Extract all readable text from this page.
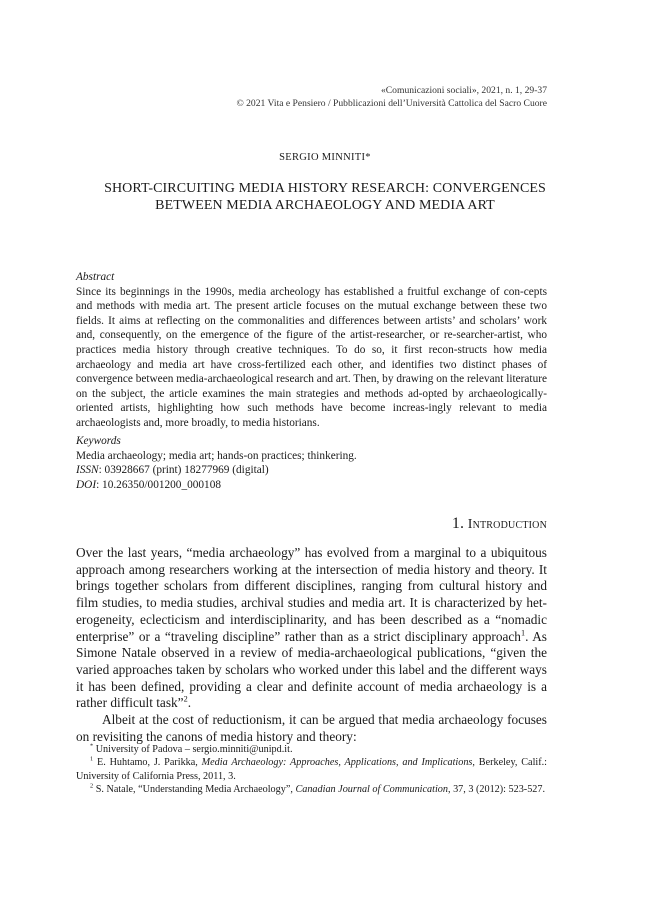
«Comunicazioni sociali», 2021, n. 1, 29-37
© 2021 Vita e Pensiero / Pubblicazioni dell’Università Cattolica del Sacro Cuore
SERGIO MINNITI*
SHORT-CIRCUITING MEDIA HISTORY RESEARCH: CONVERGENCES
BETWEEN MEDIA ARCHAEOLOGY AND MEDIA ART
Abstract
Since its beginnings in the 1990s, media archeology has established a fruitful exchange of con-cepts and methods with media art. The present article focuses on the mutual exchange between these two fields. It aims at reflecting on the commonalities and differences between artists’ and scholars’ work and, consequently, on the emergence of the figure of the artist-researcher, or re-searcher-artist, who practices media history through creative techniques. To do so, it first recon-structs how media archaeology and media art have cross-fertilized each other, and identifies two distinct phases of convergence between media-archaeological research and art. Then, by drawing on the relevant literature on the subject, the article examines the main strategies and methods ad-opted by archaeologically-oriented artists, highlighting how such methods have become increas-ingly relevant to media archaeologists and, more broadly, to media historians.
Keywords
Media archaeology; media art; hands-on practices; thinkering.
ISSN: 03928667 (print) 18277969 (digital)
DOI: 10.26350/001200_000108
1. Introduction

Over the last years, “media archaeology” has evolved from a marginal to a ubiquitous approach among researchers working at the intersection of media history and theory. It brings together scholars from different disciplines, ranging from cultural history and film studies, to media studies, archival studies and media art. It is characterized by het-erogeneity, eclecticism and interdisciplinarity, and has been described as a “nomadic enterprise” or a “traveling discipline” rather than as a strict disciplinary approach$^1$. As Simone Natale observed in a review of media-archaeological publications, “given the varied approaches taken by scholars who worked under this label and the different ways it has been defined, providing a clear and definite account of media archaeology is a rather difficult task”$^2$.

Albeit at the cost of reductionism, it can be argued that media archaeology focuses on revisiting the canons of media history and theory:

* University of Padova – sergio.minniti@unipd.it.

$^1$ E. Huhtamo, J. Parikka, Media Archaeology: Approaches, Applications, and Implications, Berkeley, Calif.: University of California Press, 2011, 3.

$^2$ S. Natale, “Understanding Media Archaeology”, Canadian Journal of Communication, 37, 3 (2012): 523-527.
